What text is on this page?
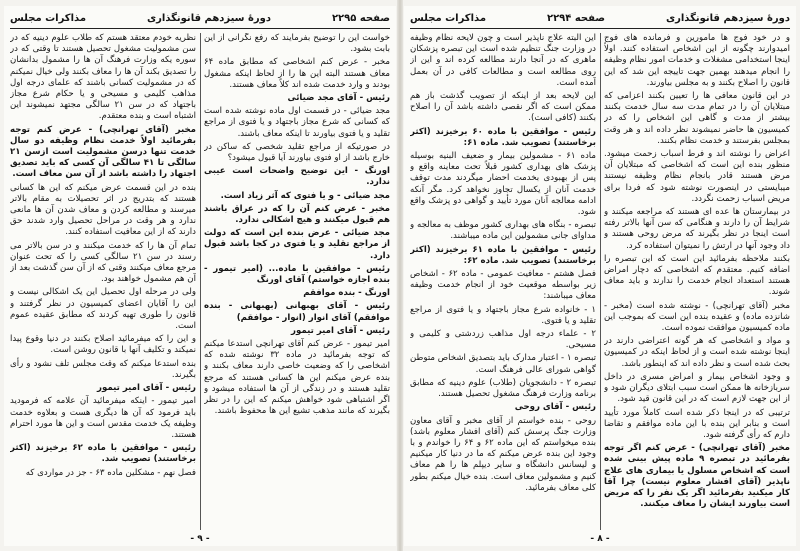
دورهٔ سیزدهم قانونگذاری
صفحه ۲۲۹۴
مذاکرات مجلس

و در خود فوج ها مأمورین و فرمانده های فوج امیدوارند چگونه از این اشخاص استفاده کنند. اولاً اینجا استخدامی مشغلات و خدمات امور نظام وظیفه را انجام میدهند بهمین جهت تاییجه این شد که این قانون را اصلاح بکنند و به مجلس بیاورند.

در این قانون معافی ها را تعیین بکنند اعزامی که مبتلایان آن را در تمام مدت سه سال خدمت بکنند بیشتر از مدت و گاهی این اشخاص را که در کمیسیون ها حاضر نمیشوند نظر داده اند و هر وقت بمجلس بفرستند و خدمت نظام بکنند.

اعراض را نوشته اند و فرط اسباب زحمت میشود. منظور بنده این است که اشخاصی که مبتلایان آن مرض هستند قادر بانجام نظام وظیفه نیستند میبایستی در اینصورت نوشته شود که فردا برای مریض اسباب زحمت نگردد.

در بیمارستان ها عده ای هستند که مراجعه میکنند و شرایط آن را دارند و هنگامی که سن آنها بالاتر رفته است اینجا در نظر بگیرند که مرض روحی هستند و داد وجود آنها در ارتش را نمیتوان استفاده کرد.

بکنند ملاحظه بفرمائید این است که این تبصره را اضافه کنیم. معتقدم که اشخاصی که دچار امراض هستند استعداد انجام خدمت را ندارند و باید معاف شوند.

مخبر (آقای تهرانچی) - نوشته شده است (مخبر - شانزده ماده) و عقیده بنده این است که بموجب این ماده کمیسیون موافقت نموده است.

و مواد و اشخاصی که هر گونه اعتراضی دارند در اینجا نوشته شده است و از لحاظ اینکه در کمیسیون بحث شده است و نظر داده اند که اینطور باشد.

و وجود اشخاص بیمار و امراض مسری در داخل سربازخانه ها ممکن است سبب ابتلای دیگران شود و از این جهت لازم است که در این قانون قید شود.

ترتیبی که در اینجا ذکر شده است کاملاً مورد تأیید است و بنابر این بنده با این ماده موافقم و تقاضا دارم که رأی گرفته شود.

مخبر (آقای تهرانچی) - عرض کنم اگر توجه بفرمائید در تبصره ۹ ماده پیش بینی شده است که اشخاص مسلول یا بیماری های علاج ناپذیر (آقای افشار معلوم نیست) چرا آقا کار میکنید بفرمائید اگر یک نفر را که مریض است بیاورند ایشان را معاف میکنند.

این البته علاج ناپذیر است و چون لایحه نظام وظیفه در وزارت جنگ تنظیم شده است این تبصره پزشکان ماهری که در آنجا دارند مطالعه کرده اند و این از روی مطالعه است و مطالعات کافی در آن بعمل آمده است.

این لایحه بعد از اینکه از تصویب گذشت باز هم ممکن است که اگر نقصی داشته باشد آن را اصلاح بکنند (کافی است).

رئیس - موافقین با ماده ۶۰ برخیزند (اکثر برخاستند) تصویب شد. ماده ۶۱:

ماده ۶۱ - مشمولین بیمار و ضعیف البنیه بوسیله پزشک های بهداری کشور قبلاً تحت معاینه واقع و پس از بهبودی بخدمت احضار میگردند مدت توقف خدمت آنان از یکسال تجاوز نخواهد کرد. مگر آنکه ادامه معالجه آنان مورد تأیید و گواهی دو پزشک واقع شود.

تبصره - بنگاه های بهداری کشور موظف به معالجه و مداوای جانی مشمولین این ماده میباشند.

رئیس - موافقین با ماده ۶۱ برخیزند (اکثر برخاستند) تصویب شد. ماده ۶۲:

فصل هشتم - معافیت عمومی - ماده ۶۲ - اشخاص زیر بواسطه موقعیت خود از انجام خدمت وظیفه معاف میباشند:

۱ - خانواده شرع مجاز باجتهاد و یا فتوی از مراجع تقلید و یا فتوی.

۲ - علماء درجه اول مذاهب زردشتی و کلیمی و مسیحی.

تبصره ۱ - اعتبار مدارک باید بتصدیق اشخاص متوطن گواهی شورای عالی فرهنگ است.

تبصره ۲ - دانشجویان (طلاب) علوم دینیه که مطابق برنامه وزارت فرهنگ مشغول تحصیل هستند.

رئیس - آقای روحی

روحی - بنده خواستم از آقای مخبر و آقای معاون وزارت جنگ پرسش کنم (آقای افشار معلوم باشد) بنده میخواستم که این ماده ۶۲ و ۶۴ را خواندم و با وجود این بنده عرض میکنم که ما در دنیا کار میکنیم و لیسانس دانشگاه و سایر دیپلم ها را هم معاف کنیم و مشمولین معاف است. بنده خیال میکنم بطور کلی معاف بفرمائید.

- ۸ -
صفحه ۲۲۹۵
دورهٔ سیزدهم قانونگذاری
مذاکرات مجلس

خواست این را توضیح بفرمایند که رفع نگرانی از این بابت بشود.

مخبر - عرض کنم اشخاصی که مطابق ماده ۶۴ معاف هستند البته این ها را از لحاظ اینکه مشغول بودند و وارد خدمت شده اند کلاً معاف هستند.

رئیس - آقای مجد ضیائی

مجد ضیائی - در قسمت اول ماده نوشته شده است که کسانی که شرع مجاز باجتهاد و یا فتوی از مراجع تقلید و یا فتوی بیاورند تا اینکه معاف باشند.

در صورتیکه از مراجع تقلید شخصی که ساکن در خارج باشد از او فتوی بیاورند آیا قبول میشود؟

اورنگ - این توضیح واضحات است عیبی ندارد.

مجد ضیائی - و یا فتوی که آثر زیاد است.

مخبر - عرض کنم آن را که در عراق باشند هم قبول میکنند و هیچ اشکالی ندارد.

مجد ضیائی - عرض بنده این است که دولت از مراجع تقلید و یا فتوی در کجا باشد قبول دارد.

رئیس - موافقین با ماده... (امیر تیمور - بنده اجازه خواستم) آقای اورنگ

اورنگ - بنده موافقم

رئیس - آقای بهبهانی (بهبهانی - بنده موافقم) آقای انوار (انوار - موافقم)

رئیس - آقای امیر تیمور

امیر تیمور - عرض کنم آقای تهرانچی استدعا میکنم که توجه بفرمائید در ماده ۳۲ نوشته شده که اشخاصی را که وضعیت خاصی دارند معاف بکنند و بنده عرض میکنم این ها کسانی هستند که مرجع تقلید هستند و در زندگی از آن ها استفاده میشود و اگر اشتباهی شود خواهش میکنم که این را در نظر بگیرند که مانند مذهب تشیع این ها محفوظ باشند.

نظریه خودم معتقد هستم که طلاب علوم دینیه که در سن مشمولیت مشغول تحصیل هستند تا وقتی که در سوره یکه وزارت فرهنگ آن ها را مشمول بدانشان را تصدیق بکند آن ها را معاف بکنند ولی خیال نمیکنم که در مشمولیت کسانی باشند که علمای درجه اول مذاهب کلیمی و مسیحی و یا حکام شرع مجاز باجتهاد که در سن ۲۱ سالگی مجتهد نمیشوند این اشتباه است و بنده معتقدم.

مخبر (آقای تهرانچی) - عرض کنم توجه بفرمائید اولاً خدمت نظام وظیفه دو سال خدمت تنها درسن مشمولیت است ازسن ۲۱ سالگی تا ۴۱ سالگی آن کسی که باید تصدیق اجتهاد را داشته باشد از آن سن معاف است.

بنده در این قسمت عرض میکنم که این ها کسانی هستند که بتدریج در اثر تحصیلات به مقام بالاتر میرسند و مطالعه کردن و معاف شدن آن ها مانعی ندارد و هر وقت در مراحل تحصیل وارد شدند حق دارند که از این معافیت استفاده کنند.

تمام آن ها را که خدمت میکنند و در سن بالاتر می رسند در سن ۲۱ سالگی کسی را که تحت عنوان مرجع معاف میکنند وقتی که از آن سن گذشت بعد از آن هم مشمول خواهند بود.

ولی در مرحله اول تحصیل این یک اشکالی نیست و این را آقایان اعضای کمیسیون در نظر گرفتند و قانون را طوری تهیه کردند که مطابق عقیده عموم است.

و این را که میفرمائید اصلاح بکنند در دنیا وقوع پیدا نمیکند و تکلیف آنها با قانون روشن است.

بنده استدعا میکنم که وقت مجلس تلف نشود و رأی بگیرند.

رئیس - آقای امیر تیمور

امیر تیمور - اینکه میفرمائید آن علامه که فرمودید باید فرمود که آن ها دیگری هست و بعلاوه خدمت وظیفه یک خدمت مقدس است و این ها مورد احترام هستند.

رئیس - موافقین با ماده ۶۲ برخیزند (اکثر برخاستند) تصویب شد.

فصل نهم - مشکلین ماده ۶۳ - جز در مواردی که

- ۹ -
